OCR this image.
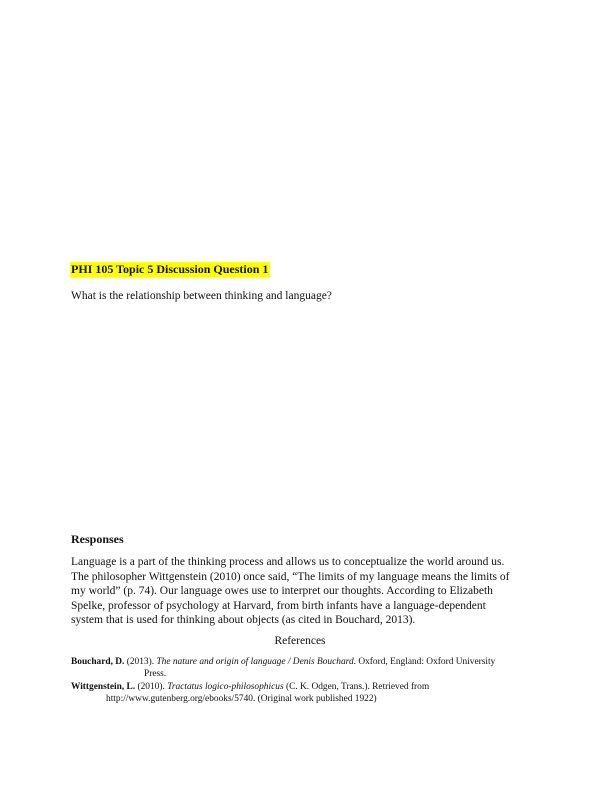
PHI 105 Topic 5 Discussion Question 1
What is the relationship between thinking and language?
Responses
Language is a part of the thinking process and allows us to conceptualize the world around us.
The philosopher Wittgenstein (2010) once said, “The limits of my language means the limits of
my world” (p. 74). Our language owes use to interpret our thoughts. According to Elizabeth
Spelke, professor of psychology at Harvard, from birth infants have a language-dependent
system that is used for thinking about objects (as cited in Bouchard, 2013).
References
Bouchard, D. (2013). The nature and origin of language / Denis Bouchard. Oxford, England: Oxford University
Press.
Wittgenstein, L. (2010). Tractatus logico-philosophicus (C. K. Odgen, Trans.). Retrieved from
http://www.gutenberg.org/ebooks/5740. (Original work published 1922)
